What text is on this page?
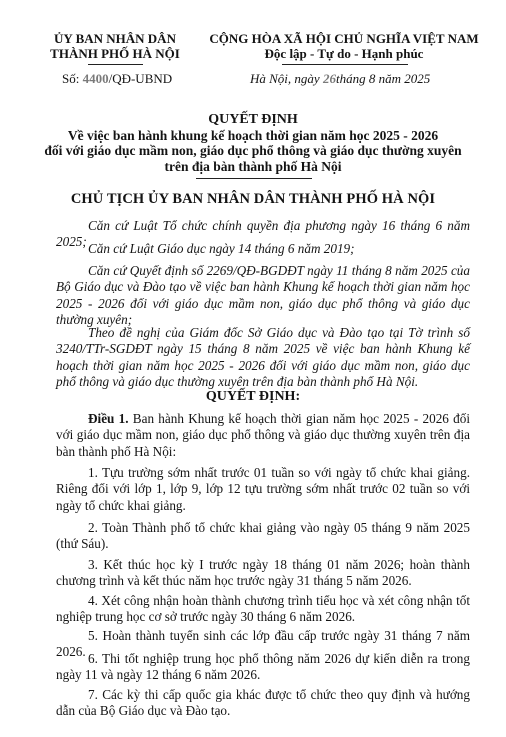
ỦY BAN NHÂN DÂN
THÀNH PHỐ HÀ NỘI
Số: 4400/QĐ-UBND
CỘNG HÒA XÃ HỘI CHỦ NGHĨA VIỆT NAM
Độc lập - Tự do - Hạnh phúc
Hà Nội, ngày 26tháng 8 năm 2025
QUYẾT ĐỊNH
Về việc ban hành khung kế hoạch thời gian năm học 2025 - 2026
đối với giáo dục mầm non, giáo dục phổ thông và giáo dục thường xuyên
trên địa bàn thành phố Hà Nội
CHỦ TỊCH ỦY BAN NHÂN DÂN THÀNH PHỐ HÀ NỘI
Căn cứ Luật Tổ chức chính quyền địa phương ngày 16 tháng 6 năm 2025; Căn cứ Luật Giáo dục ngày 14 tháng 6 năm 2019;
Căn cứ Quyết định số 2269/QĐ-BGDĐT ngày 11 tháng 8 năm 2025 của Bộ Giáo dục và Đào tạo về việc ban hành Khung kế hoạch thời gian năm học 2025 - 2026 đối với giáo dục mầm non, giáo dục phổ thông và giáo dục thường xuyên;
Theo đề nghị của Giám đốc Sở Giáo dục và Đào tạo tại Tờ trình số 3240/TTr-SGDĐT ngày 15 tháng 8 năm 2025 về việc ban hành Khung kế hoạch thời gian năm học 2025 - 2026 đối với giáo dục mầm non, giáo dục phổ thông và giáo dục thường xuyên trên địa bàn thành phố Hà Nội.
QUYẾT ĐỊNH:
Điều 1. Ban hành Khung kế hoạch thời gian năm học 2025 - 2026 đối với giáo dục mầm non, giáo dục phổ thông và giáo dục thường xuyên trên địa bàn thành phố Hà Nội:
1. Tựu trường sớm nhất trước 01 tuần so với ngày tổ chức khai giảng. Riêng đối với lớp 1, lớp 9, lớp 12 tựu trường sớm nhất trước 02 tuần so với ngày tổ chức khai giảng.
2. Toàn Thành phố tổ chức khai giảng vào ngày 05 tháng 9 năm 2025 (thứ Sáu).
3. Kết thúc học kỳ I trước ngày 18 tháng 01 năm 2026; hoàn thành chương trình và kết thúc năm học trước ngày 31 tháng 5 năm 2026.
4. Xét công nhận hoàn thành chương trình tiểu học và xét công nhận tốt nghiệp trung học cơ sở trước ngày 30 tháng 6 năm 2026.
5. Hoàn thành tuyển sinh các lớp đầu cấp trước ngày 31 tháng 7 năm 2026. 6. Thi tốt nghiệp trung học phổ thông năm 2026 dự kiến diễn ra trong ngày 11 và ngày 12 tháng 6 năm 2026.
7. Các kỳ thi cấp quốc gia khác được tổ chức theo quy định và hướng dẫn của Bộ Giáo dục và Đào tạo.
